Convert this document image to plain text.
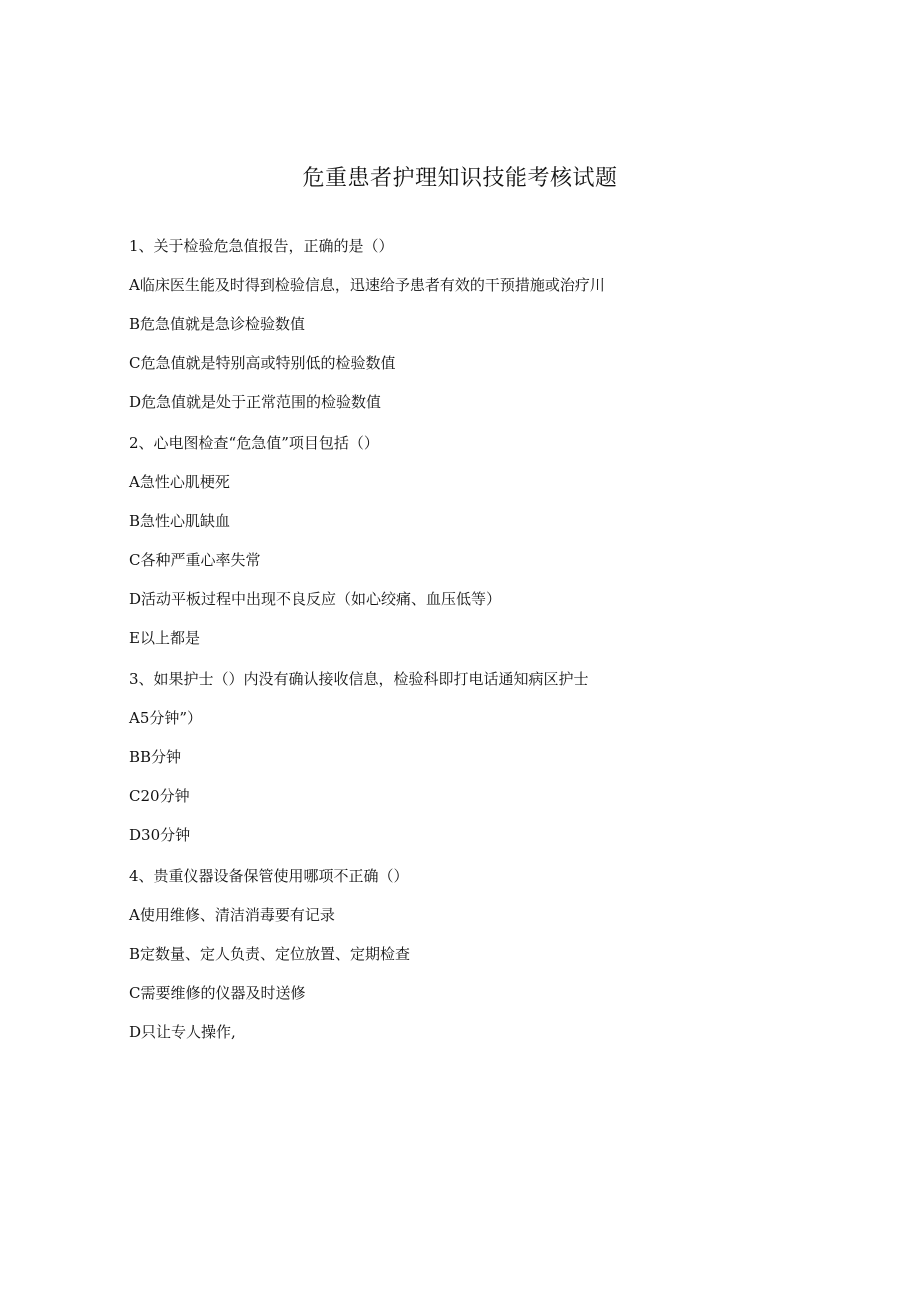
危重患者护理知识技能考核试题
1、关于检验危急值报告，正确的是（）
A临床医生能及时得到检验信息，迅速给予患者有效的干预措施或治疗川
B危急值就是急诊检验数值
C危急值就是特别高或特别低的检验数值
D危急值就是处于正常范围的检验数值
2、心电图检查“危急值”项目包括（）
A急性心肌梗死
B急性心肌缺血
C各种严重心率失常
D活动平板过程中出现不良反应（如心绞痛、血压低等）
E以上都是
3、如果护士（）内没有确认接收信息，检验科即打电话通知病区护士
A5分钟”）
BB分钟
C20分钟
D30分钟
4、贵重仪器设备保管使用哪项不正确（）
A使用维修、清洁消毒要有记录
B定数量、定人负责、定位放置、定期检查
C需要维修的仪器及时送修
D只让专人操作,
